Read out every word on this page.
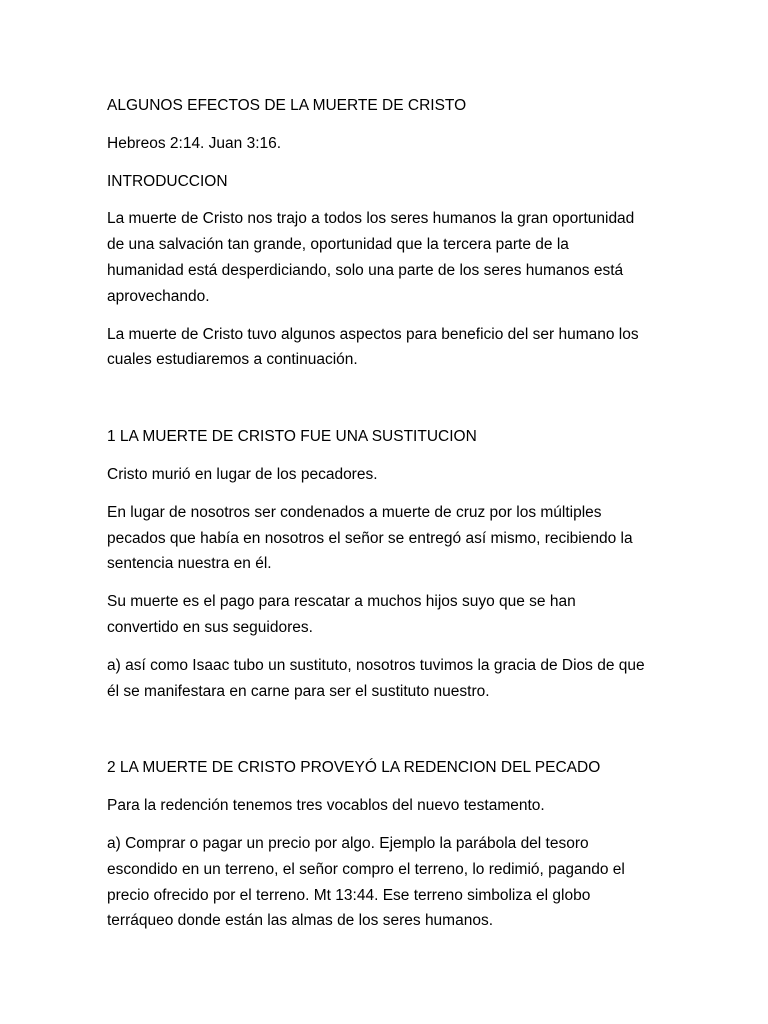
ALGUNOS EFECTOS DE LA MUERTE DE CRISTO

Hebreos 2:14. Juan 3:16.

INTRODUCCION

La muerte de Cristo nos trajo a todos los seres humanos la gran oportunidad
de una salvación tan grande, oportunidad que la tercera parte de la
humanidad está desperdiciando, solo una parte de los seres humanos está
aprovechando.

La muerte de Cristo tuvo algunos aspectos para beneficio del ser humano los
cuales estudiaremos a continuación.

1 LA MUERTE DE CRISTO FUE UNA SUSTITUCION

Cristo murió en lugar de los pecadores.

En lugar de nosotros ser condenados a muerte de cruz por los múltiples
pecados que había en nosotros el señor se entregó así mismo, recibiendo la
sentencia nuestra en él.

Su muerte es el pago para rescatar a muchos hijos suyo que se han
convertido en sus seguidores.

a) así como Isaac tubo un sustituto, nosotros tuvimos la gracia de Dios de que
él se manifestara en carne para ser el sustituto nuestro.

2 LA MUERTE DE CRISTO PROVEYÓ LA REDENCION DEL PECADO

Para la redención tenemos tres vocablos del nuevo testamento.

a) Comprar o pagar un precio por algo. Ejemplo la parábola del tesoro
escondido en un terreno, el señor compro el terreno, lo redimió, pagando el
precio ofrecido por el terreno. Mt 13:44. Ese terreno simboliza el globo
terráqueo donde están las almas de los seres humanos.
